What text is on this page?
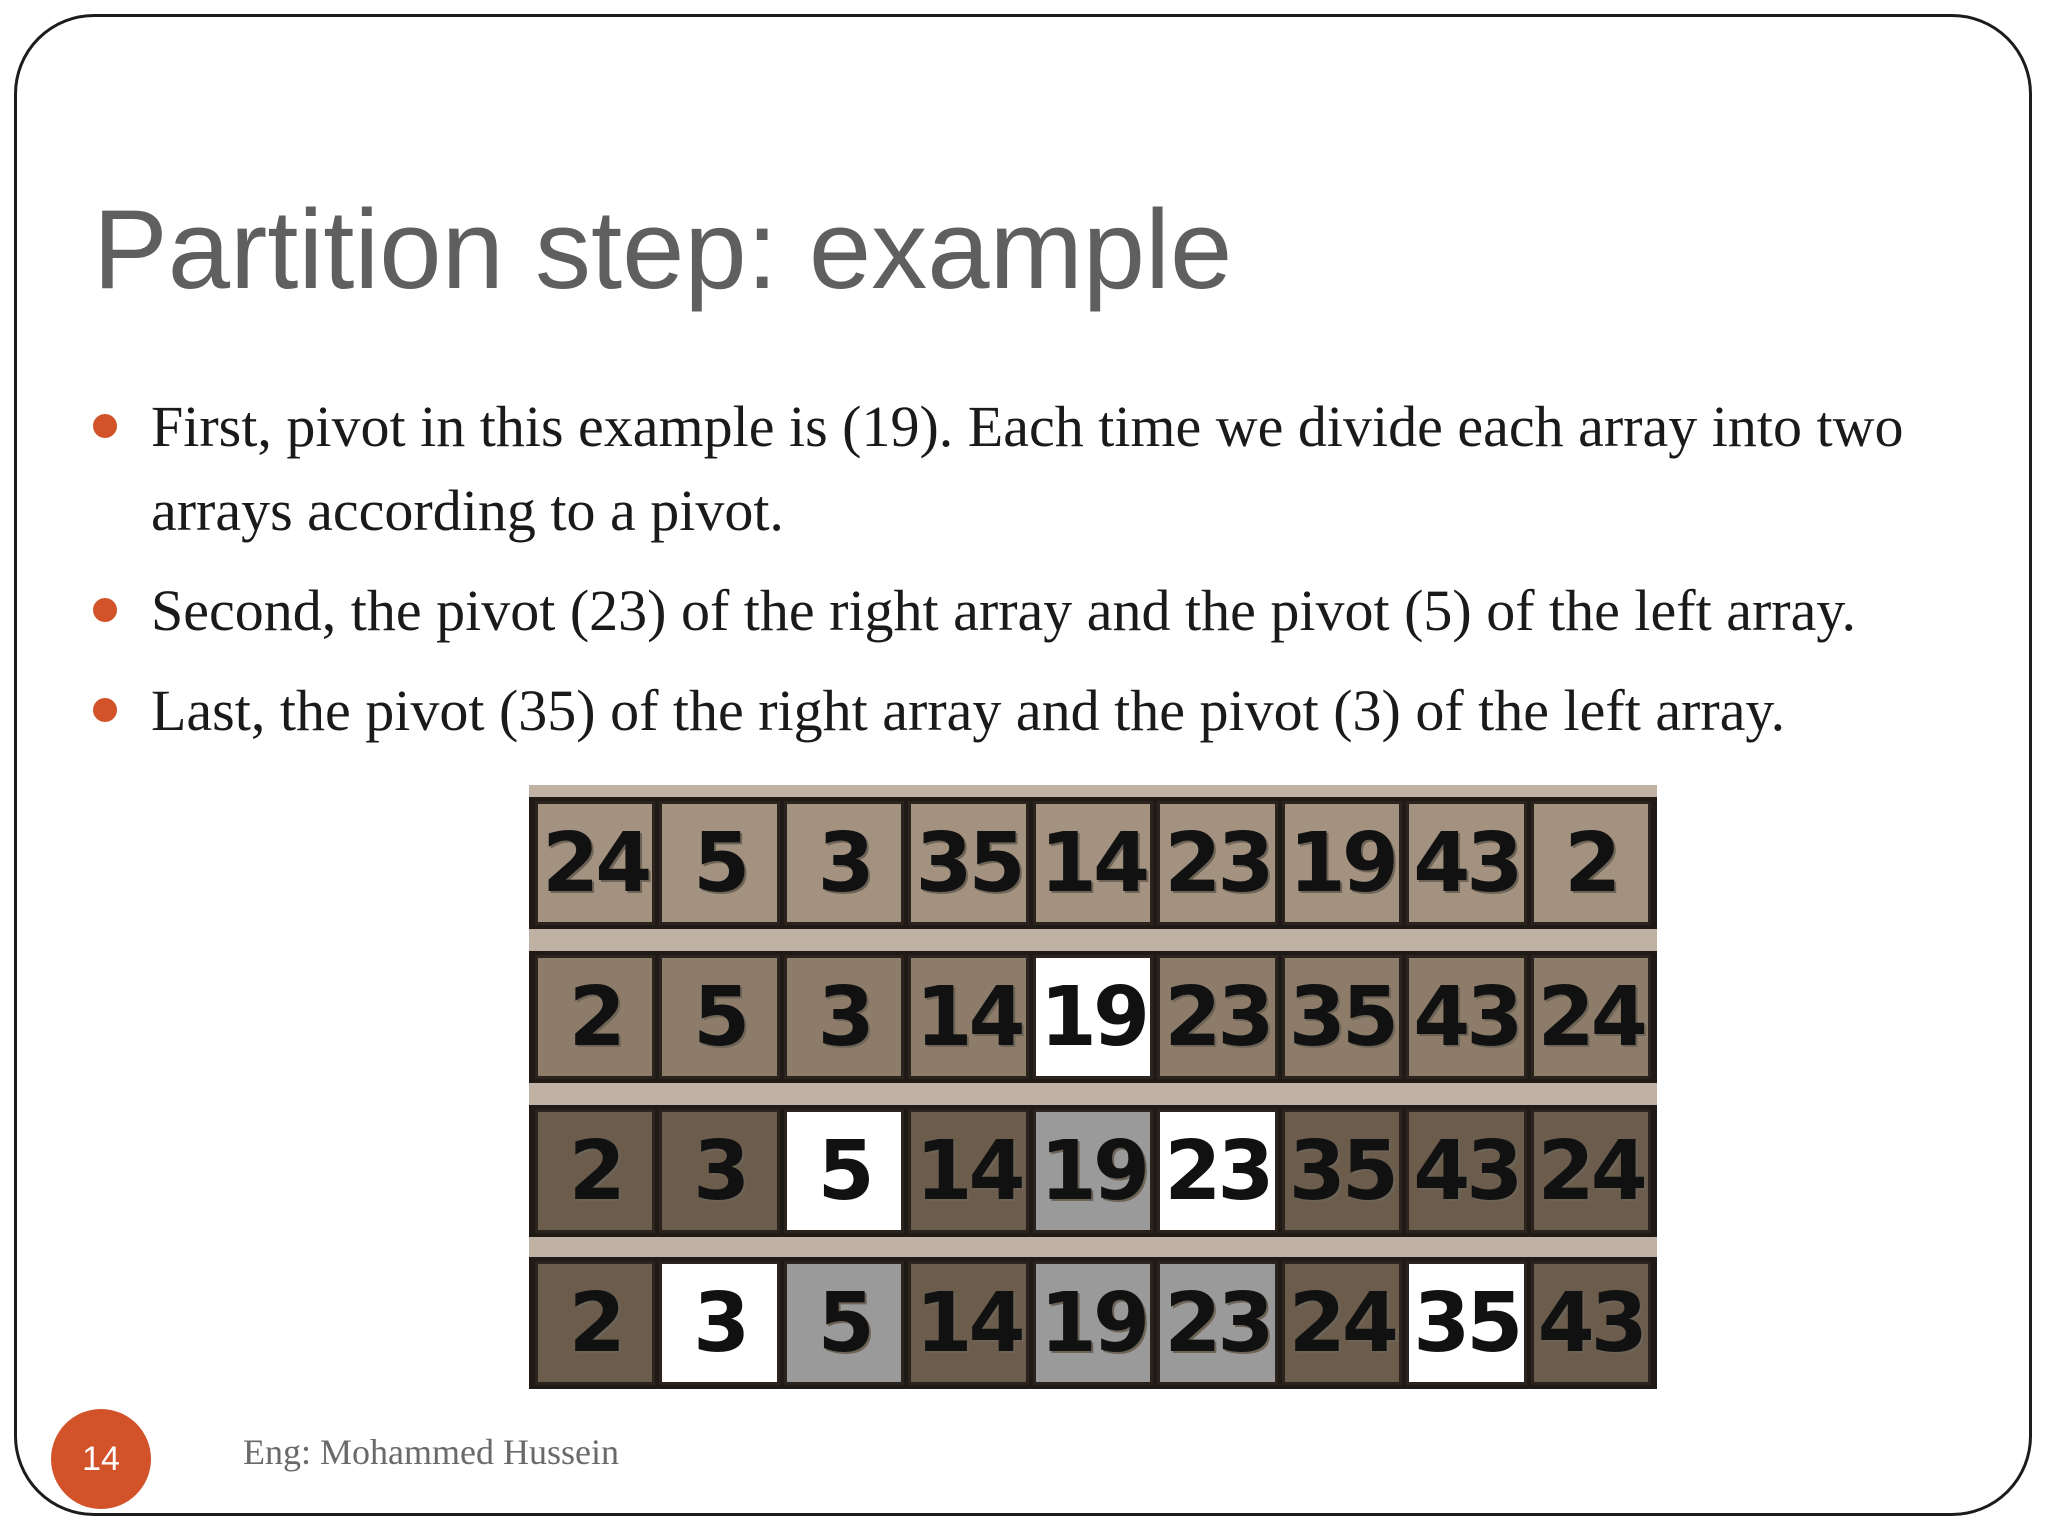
Partition step: example
First, pivot in this example is (19). Each time we divide each array into two arrays according to a pivot.
Second, the pivot (23) of the right array and the pivot (5) of the left array.
Last, the pivot (35) of the right array and the pivot (3) of the left array.
24 5 3 35 14 23 19 43 2
2 5 3 14 19 23 35 43 24
2 3 5 14 19 23 35 43 24
2 3 5 14 19 23 24 35 43
14	Eng: Mohammed Hussein
